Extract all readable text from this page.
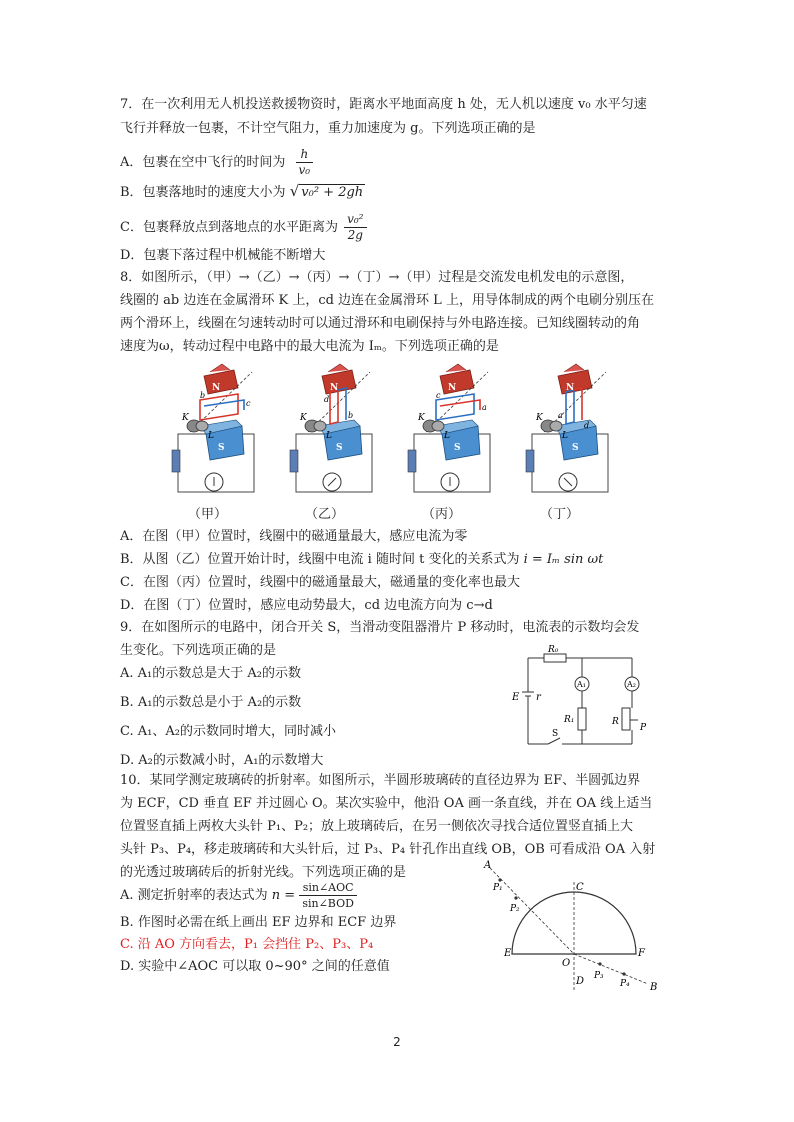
7．在一次利用无人机投送救援物资时，距离水平地面高度 h 处，无人机以速度 v₀ 水平匀速
飞行并释放一包裹，不计空气阻力，重力加速度为 g。下列选项正确的是
A．包裹在空中飞行的时间为 $\frac{h}{\text{v₀}}$
B．包裹落地时的速度大小为 √ v₀² + 2gh
C．包裹释放点到落地点的水平距离为 $\frac{\text{v₀²}}{2g}$
D．包裹下落过程中机械能不断增大
8．如图所示，（甲）→（乙）→（丙）→（丁）→（甲）过程是交流发电机发电的示意图，
线圈的 ab 边连在金属滑环 K 上，cd 边连在金属滑环 L 上，用导体制成的两个电刷分别压在
两个滑环上，线圈在匀速转动时可以通过滑环和电刷保持与外电路连接。已知线圈转动的角
速度为ω，转动过程中电路中的最大电流为 Iₘ。下列选项正确的是
N
S
K
L
b
c
N
S
K
L
d
b
N
S
K
L
c
a
N
S
K
L
a
d
（甲）	（乙）	（丙）	（丁）
A．在图（甲）位置时，线圈中的磁通量最大，感应电流为零
B．从图（乙）位置开始计时，线圈中电流 i 随时间 t 变化的关系式为 i = Iₘ sin ωt
C．在图（丙）位置时，线圈中的磁通量最大，磁通量的变化率也最大
D．在图（丁）位置时，感应电动势最大，cd 边电流方向为 c→d
9．在如图所示的电路中，闭合开关 S，当滑动变阻器滑片 P 移动时，电流表的示数均会发
生变化。下列选项正确的是
A. A₁的示数总是大于 A₂的示数
B. A₁的示数总是小于 A₂的示数
C. A₁、A₂的示数同时增大，同时减小
D. A₂的示数减小时，A₁的示数增大
R₀
A₁	A₂
E r
R₁	R
P
S
10．某同学测定玻璃砖的折射率。如图所示，半圆形玻璃砖的直径边界为 EF、半圆弧边界
为 ECF，CD 垂直 EF 并过圆心 O。某次实验中，他沿 OA 画一条直线，并在 OA 线上适当
位置竖直插上两枚大头针 P₁、P₂；放上玻璃砖后，在另一侧依次寻找合适位置竖直插上大
头针 P₃、P₄，移走玻璃砖和大头针后，过 P₃、P₄ 针孔作出直线 OB，OB 可看成沿 OA 入射
的光透过玻璃砖后的折射光线。下列选项正确的是
A. 测定折射率的表达式为 n =
sin∠AOC
sin∠BOD
B. 作图时必需在纸上画出 EF 边界和 ECF 边界
C. 沿 AO 方向看去，P₁ 会挡住 P₂、P₃、P₄
D. 实验中∠AOC 可以取 0~90° 之间的任意值
A
P₁
P₂
C
E	F
O
D P₃
P₄ B
2
